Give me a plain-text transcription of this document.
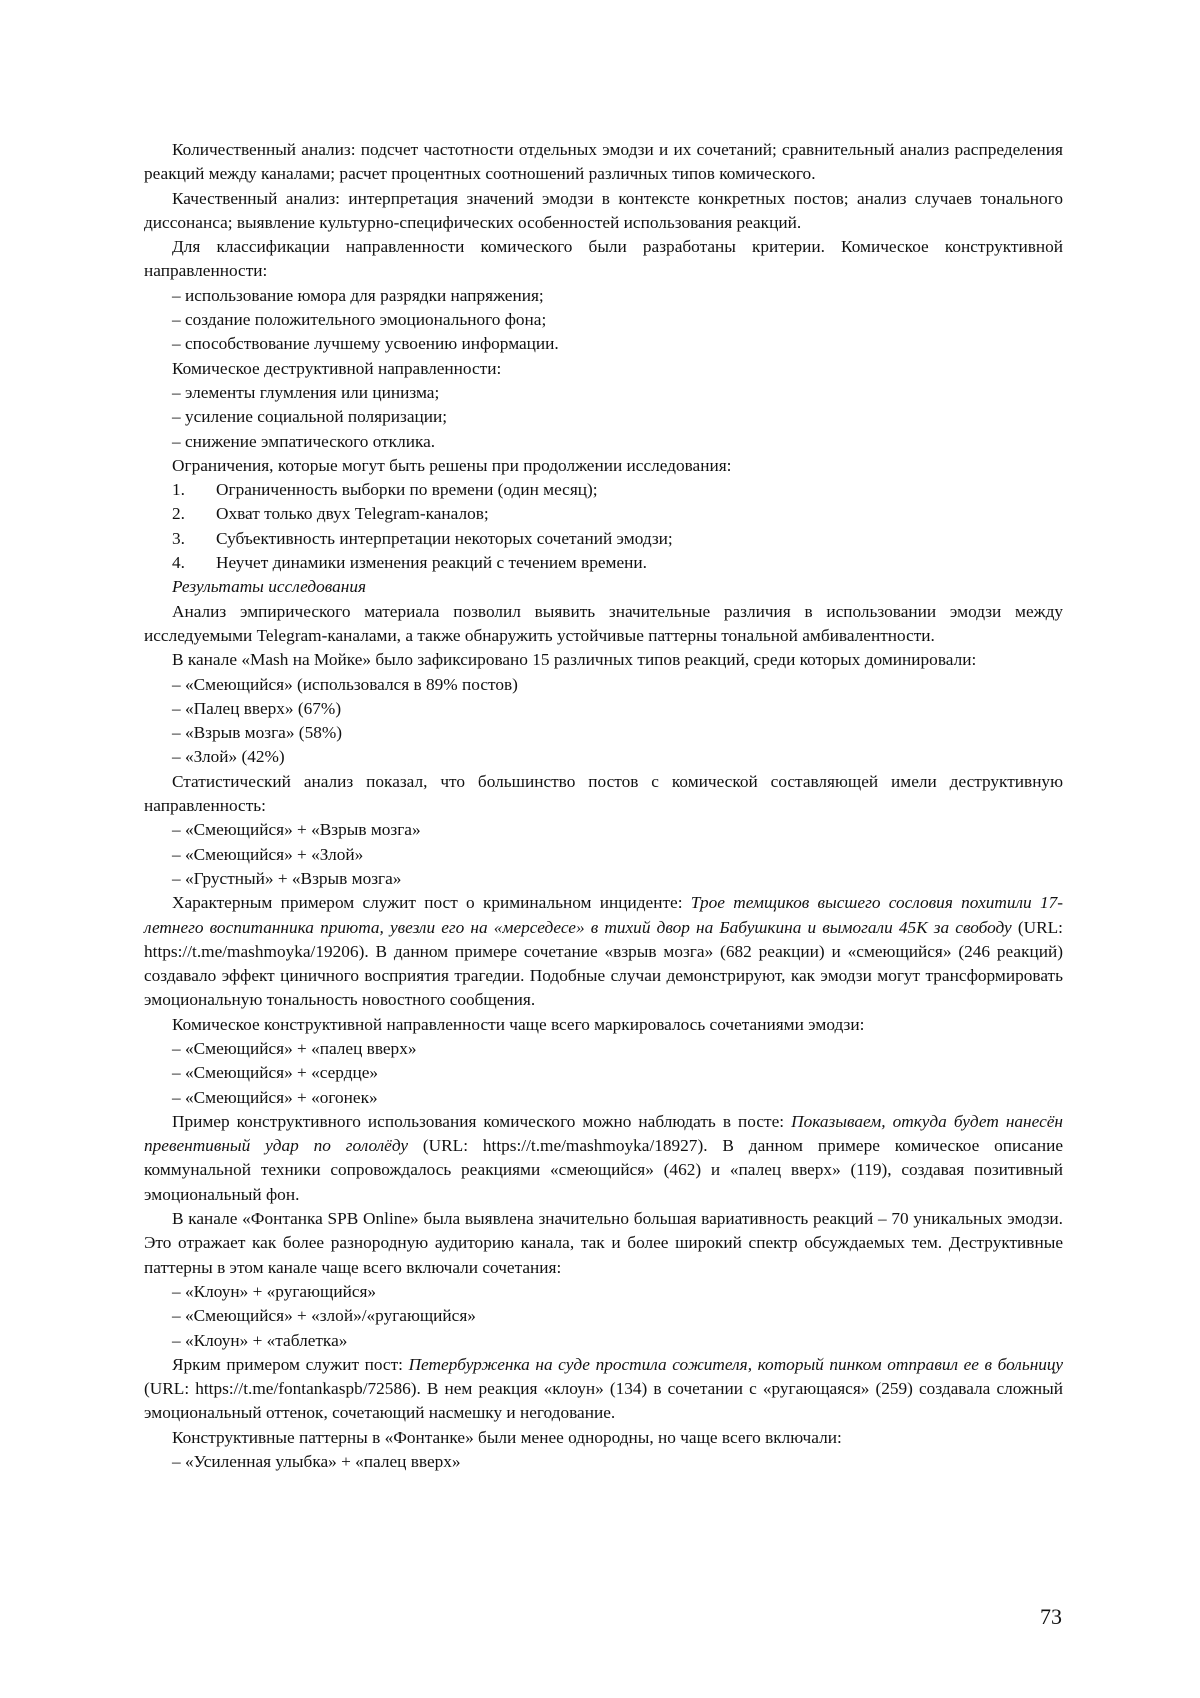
Количественный анализ: подсчет частотности отдельных эмодзи и их сочетаний; сравнительный анализ распределения реакций между каналами; расчет процентных соотношений различных типов комического.

Качественный анализ: интерпретация значений эмодзи в контексте конкретных постов; анализ случаев тонального диссонанса; выявление культурно-специфических особенностей использования реакций.

Для классификации направленности комического были разработаны критерии. Комическое конструктивной направленности:

– использование юмора для разрядки напряжения;

– создание положительного эмоционального фона;

– способствование лучшему усвоению информации.

Комическое деструктивной направленности:

– элементы глумления или цинизма;

– усиление социальной поляризации;

– снижение эмпатического отклика.

Ограничения, которые могут быть решены при продолжении исследования:

1. Ограниченность выборки по времени (один месяц);

2. Охват только двух Telegram-каналов;

3. Субъективность интерпретации некоторых сочетаний эмодзи;

4. Неучет динамики изменения реакций с течением времени.

Результаты исследования

Анализ эмпирического материала позволил выявить значительные различия в использовании эмодзи между исследуемыми Telegram-каналами, а также обнаружить устойчивые паттерны тональной амбивалентности.

В канале «Mash на Мойке» было зафиксировано 15 различных типов реакций, среди которых доминировали:

– «Смеющийся» (использовался в 89% постов)

– «Палец вверх» (67%)

– «Взрыв мозга» (58%)

– «Злой» (42%)

Статистический анализ показал, что большинство постов с комической составляющей имели деструктивную направленность:

– «Смеющийся» + «Взрыв мозга»

– «Смеющийся» + «Злой»

– «Грустный» + «Взрыв мозга»

Характерным примером служит пост о криминальном инциденте: Трое темщиков высшего сословия похитили 17-летнего воспитанника приюта, увезли его на «мерседесе» в тихий двор на Бабушкина и вымогали 45К за свободу (URL: https://t.me/mashmoyka/19206). В данном примере сочетание «взрыв мозга» (682 реакции) и «смеющийся» (246 реакций) создавало эффект циничного восприятия трагедии. Подобные случаи демонстрируют, как эмодзи могут трансформировать эмоциональную тональность новостного сообщения.

Комическое конструктивной направленности чаще всего маркировалось сочетаниями эмодзи:

– «Смеющийся» + «палец вверх»

– «Смеющийся» + «сердце»

– «Смеющийся» + «огонек»

Пример конструктивного использования комического можно наблюдать в посте: Показываем, откуда будет нанесён превентивный удар по гололёду (URL: https://t.me/mashmoyka/18927). В данном примере комическое описание коммунальной техники сопровождалось реакциями «смеющийся» (462) и «палец вверх» (119), создавая позитивный эмоциональный фон.

В канале «Фонтанка SPB Online» была выявлена значительно большая вариативность реакций – 70 уникальных эмодзи. Это отражает как более разнородную аудиторию канала, так и более широкий спектр обсуждаемых тем. Деструктивные паттерны в этом канале чаще всего включали сочетания:

– «Клоун» + «ругающийся»

– «Смеющийся» + «злой»/«ругающийся»

– «Клоун» + «таблетка»

Ярким примером служит пост: Петербурженка на суде простила сожителя, который пинком отправил ее в больницу (URL: https://t.me/fontankaspb/72586). В нем реакция «клоун» (134) в сочетании с «ругающаяся» (259) создавала сложный эмоциональный оттенок, сочетающий насмешку и негодование.

Конструктивные паттерны в «Фонтанке» были менее однородны, но чаще всего включали:

– «Усиленная улыбка» + «палец вверх»

73
